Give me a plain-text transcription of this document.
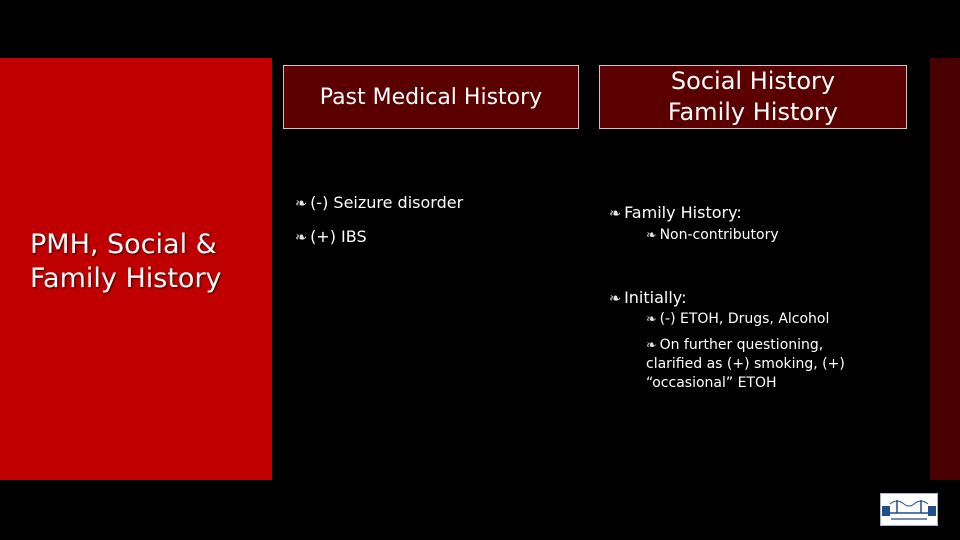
PMH, Social & Family History
Past Medical History
Social History
Family History
❧ (-) Seizure disorder
❧ (+) IBS
❧ Family History:
❧ Non-contributory
❧ Initially:
❧ (-) ETOH, Drugs, Alcohol
❧ On further questioning, clarified as (+) smoking, (+) “occasional” ETOH
